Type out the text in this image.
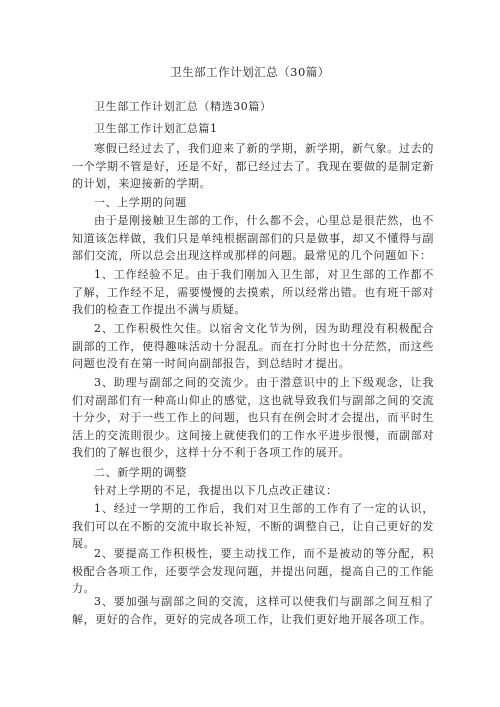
卫生部工作计划汇总（30篇）

卫生部工作计划汇总（精选30篇）

卫生部工作计划汇总篇1

寒假已经过去了，我们迎来了新的学期，新学期，新气象。过去的一个学期不管是好，还是不好，都已经过去了。我现在要做的是制定新的计划，来迎接新的学期。

一、上学期的问题

由于是刚接触卫生部的工作，什么都不会，心里总是很茫然，也不知道该怎样做，我们只是单纯根据副部们的只是做事，却又不懂得与副部们交流，所以总会出现这样或那样的问题。最常见的几个问题如下：

1、工作经验不足。由于我们刚加入卫生部，对卫生部的工作都不了解，工作经不足，需要慢慢的去摸索，所以经常出错。也有班干部对我们的检查工作提出不满与质疑。

2、工作积极性欠佳。以宿舍文化节为例，因为助理没有积极配合副部的工作，使得趣味活动十分混乱。而在打分时也十分茫然，而这些问题也没有在第一时间向副部报告，到总结时才提出。

3、助理与副部之间的交流少。由于潜意识中的上下级观念，让我们对副部们有一种高山仰止的感觉，这也就导致我们与副部之间的交流十分少，对于一些工作上的问题，也只有在例会时才会提出，而平时生活上的交流則很少。这间接上就使我们的工作水平进步很慢，而副部对我们的了解也很少，这样十分不利于各项工作的展开。

二、新学期的调整

针对上学期的不足，我提出以下几点改正建议：

1、经过一学期的工作后，我们对卫生部的工作有了一定的认识，我们可以在不断的交流中取长补短，不断的调整自己，让自己更好的发展。

2、要提高工作积极性，要主动找工作，而不是被动的等分配，积极配合各项工作，还要学会发现问题，并提出问题，提高自己的工作能力。

3、要加强与副部之间的交流，这样可以使我们与副部之间互相了解，更好的合作，更好的完成各项工作，让我们更好地开展各项工作。
